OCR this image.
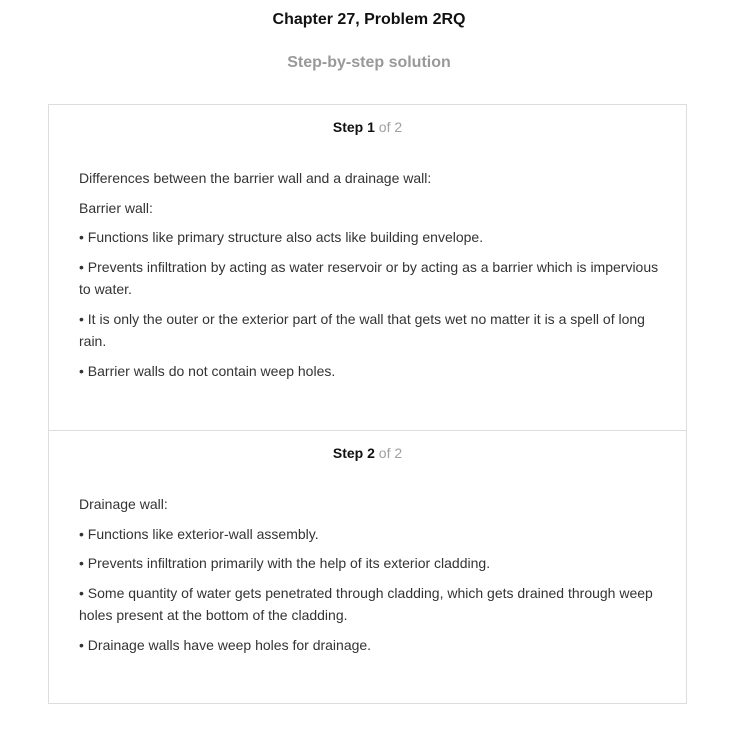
Chapter 27, Problem 2RQ
Step-by-step solution
Step 1 of 2

Differences between the barrier wall and a drainage wall:

Barrier wall:

• Functions like primary structure also acts like building envelope.

• Prevents infiltration by acting as water reservoir or by acting as a barrier which is impervious to water.

• It is only the outer or the exterior part of the wall that gets wet no matter it is a spell of long rain.

• Barrier walls do not contain weep holes.

Step 2 of 2

Drainage wall:

• Functions like exterior-wall assembly.

• Prevents infiltration primarily with the help of its exterior cladding.

• Some quantity of water gets penetrated through cladding, which gets drained through weep holes present at the bottom of the cladding.

• Drainage walls have weep holes for drainage.
